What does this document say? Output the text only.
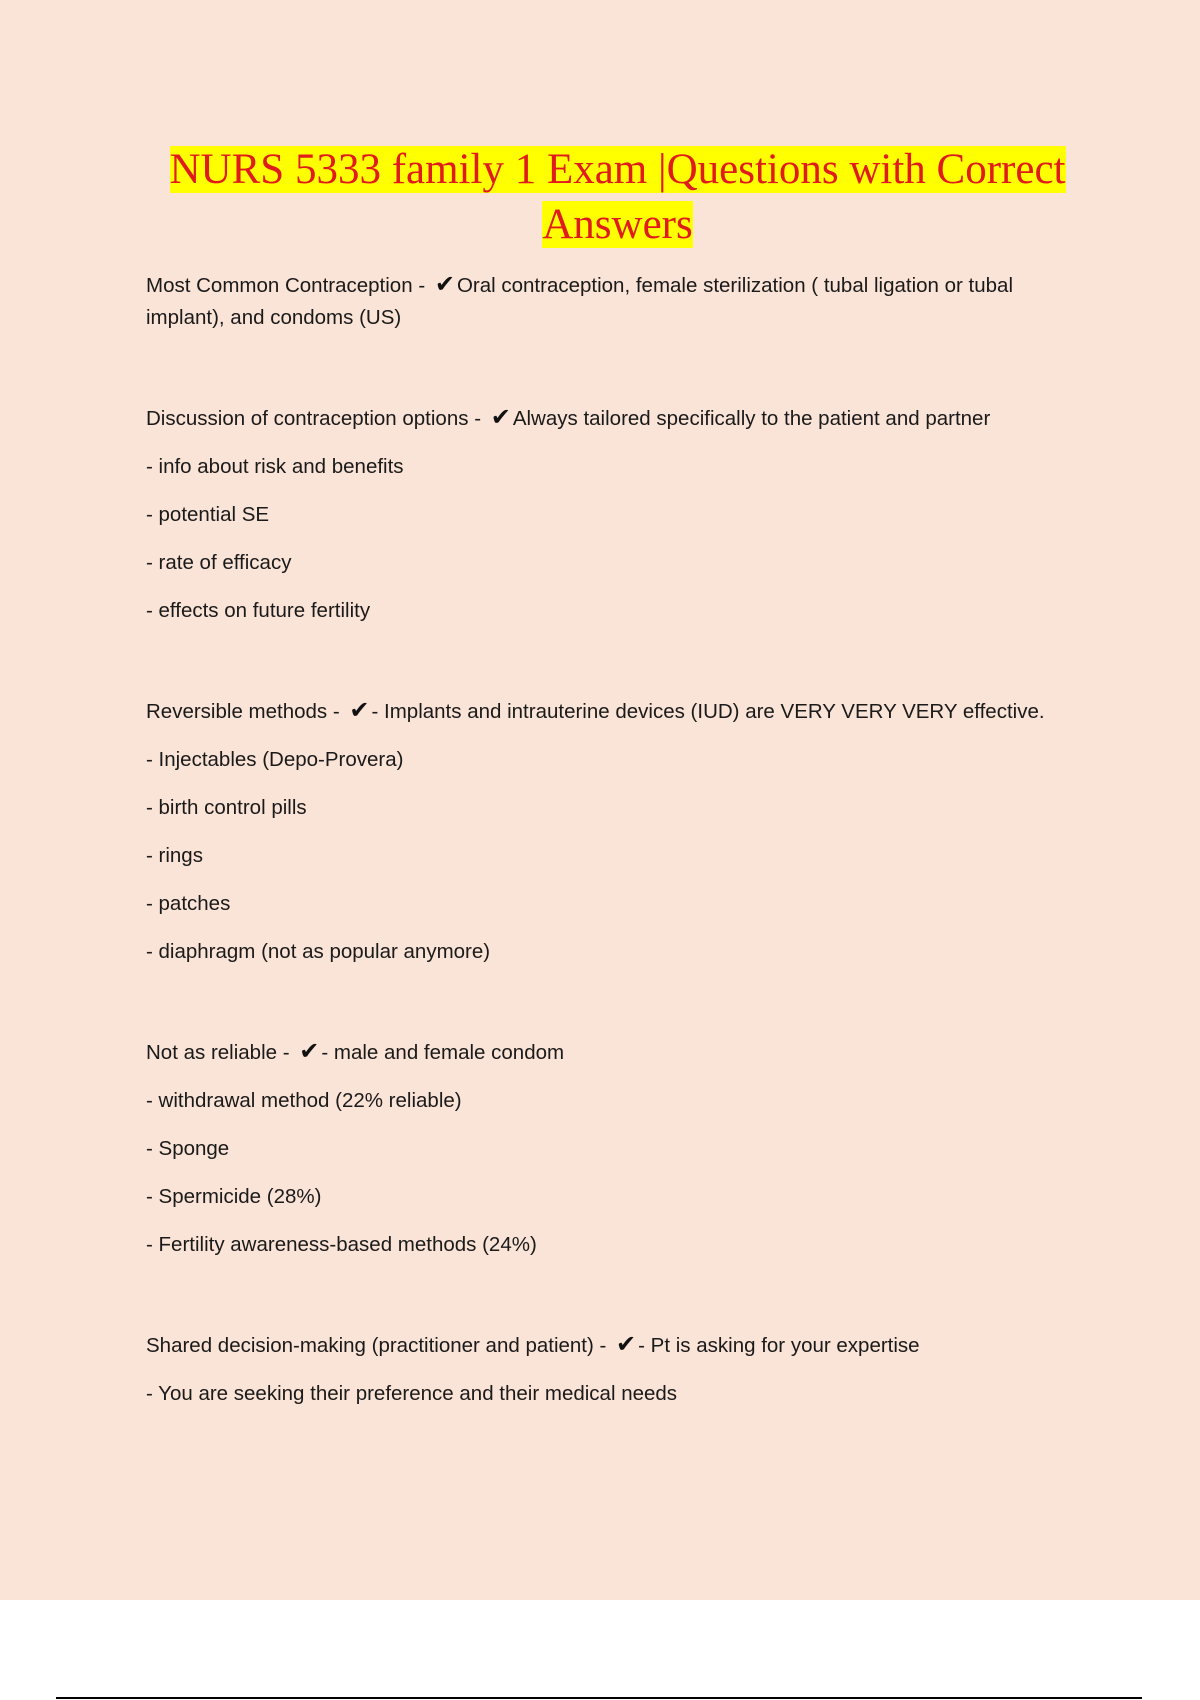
NURS 5333 family 1 Exam |Questions with Correct
Answers

Most Common Contraception - ✔Oral contraception, female sterilization ( tubal ligation or tubal implant), and condoms (US)

Discussion of contraception options - ✔Always tailored specifically to the patient and partner

- info about risk and benefits

- potential SE

- rate of efficacy

- effects on future fertility

Reversible methods - ✔- Implants and intrauterine devices (IUD) are VERY VERY VERY effective.

- Injectables (Depo-Provera)

- birth control pills

- rings

- patches

- diaphragm (not as popular anymore)

Not as reliable - ✔- male and female condom

- withdrawal method (22% reliable)

- Sponge

- Spermicide (28%)

- Fertility awareness-based methods (24%)

Shared decision-making (practitioner and patient) - ✔- Pt is asking for your expertise

- You are seeking their preference and their medical needs
